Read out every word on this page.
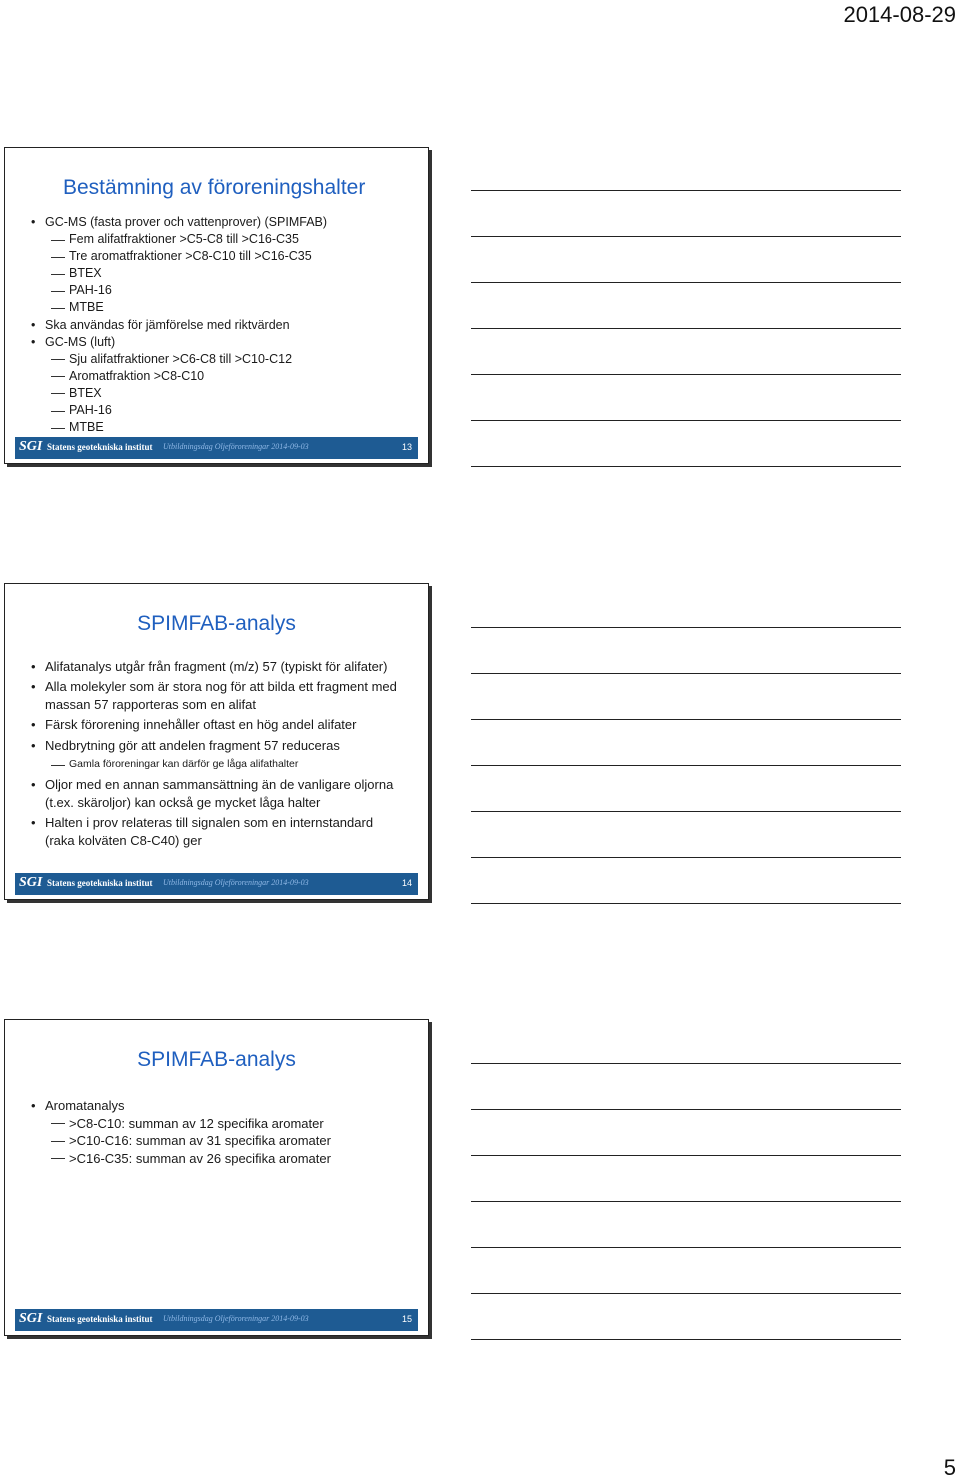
2014-08-29
Bestämning av föroreningshalter
• GC-MS (fasta prover och vattenprover) (SPIMFAB)
Fem alifatfraktioner >C5-C8 till >C16-C35
Tre aromatfraktioner >C8-C10 till >C16-C35
BTEX
PAH-16
MTBE
• Ska användas för jämförelse med riktvärden
• GC-MS (luft)
Sju alifatfraktioner >C6-C8 till >C10-C12
Aromatfraktion >C8-C10
BTEX
PAH-16
MTBE
SGI Statens geotekniska institut Utbildningsdag Oljeföroreningar 2014-09-03	13
SPIMFAB-analys
• Alifatanalys utgår från fragment (m/z) 57 (typiskt för alifater)
• Alla molekyler som är stora nog för att bilda ett fragment med massan 57 rapporteras som en alifat
• Färsk förorening innehåller oftast en hög andel alifater
• Nedbrytning gör att andelen fragment 57 reduceras
Gamla föroreningar kan därför ge låga alifathalter
• Oljor med en annan sammansättning än de vanligare oljorna (t.ex. skäroljor) kan också ge mycket låga halter
• Halten i prov relateras till signalen som en internstandard (raka kolväten C8-C40) ger
SGI Statens geotekniska institut Utbildningsdag Oljeföroreningar 2014-09-03	14
SPIMFAB-analys
• Aromatanalys
>C8-C10: summan av 12 specifika aromater
>C10-C16: summan av 31 specifika aromater
>C16-C35: summan av 26 specifika aromater
SGI Statens geotekniska institut Utbildningsdag Oljeföroreningar 2014-09-03	15
5
